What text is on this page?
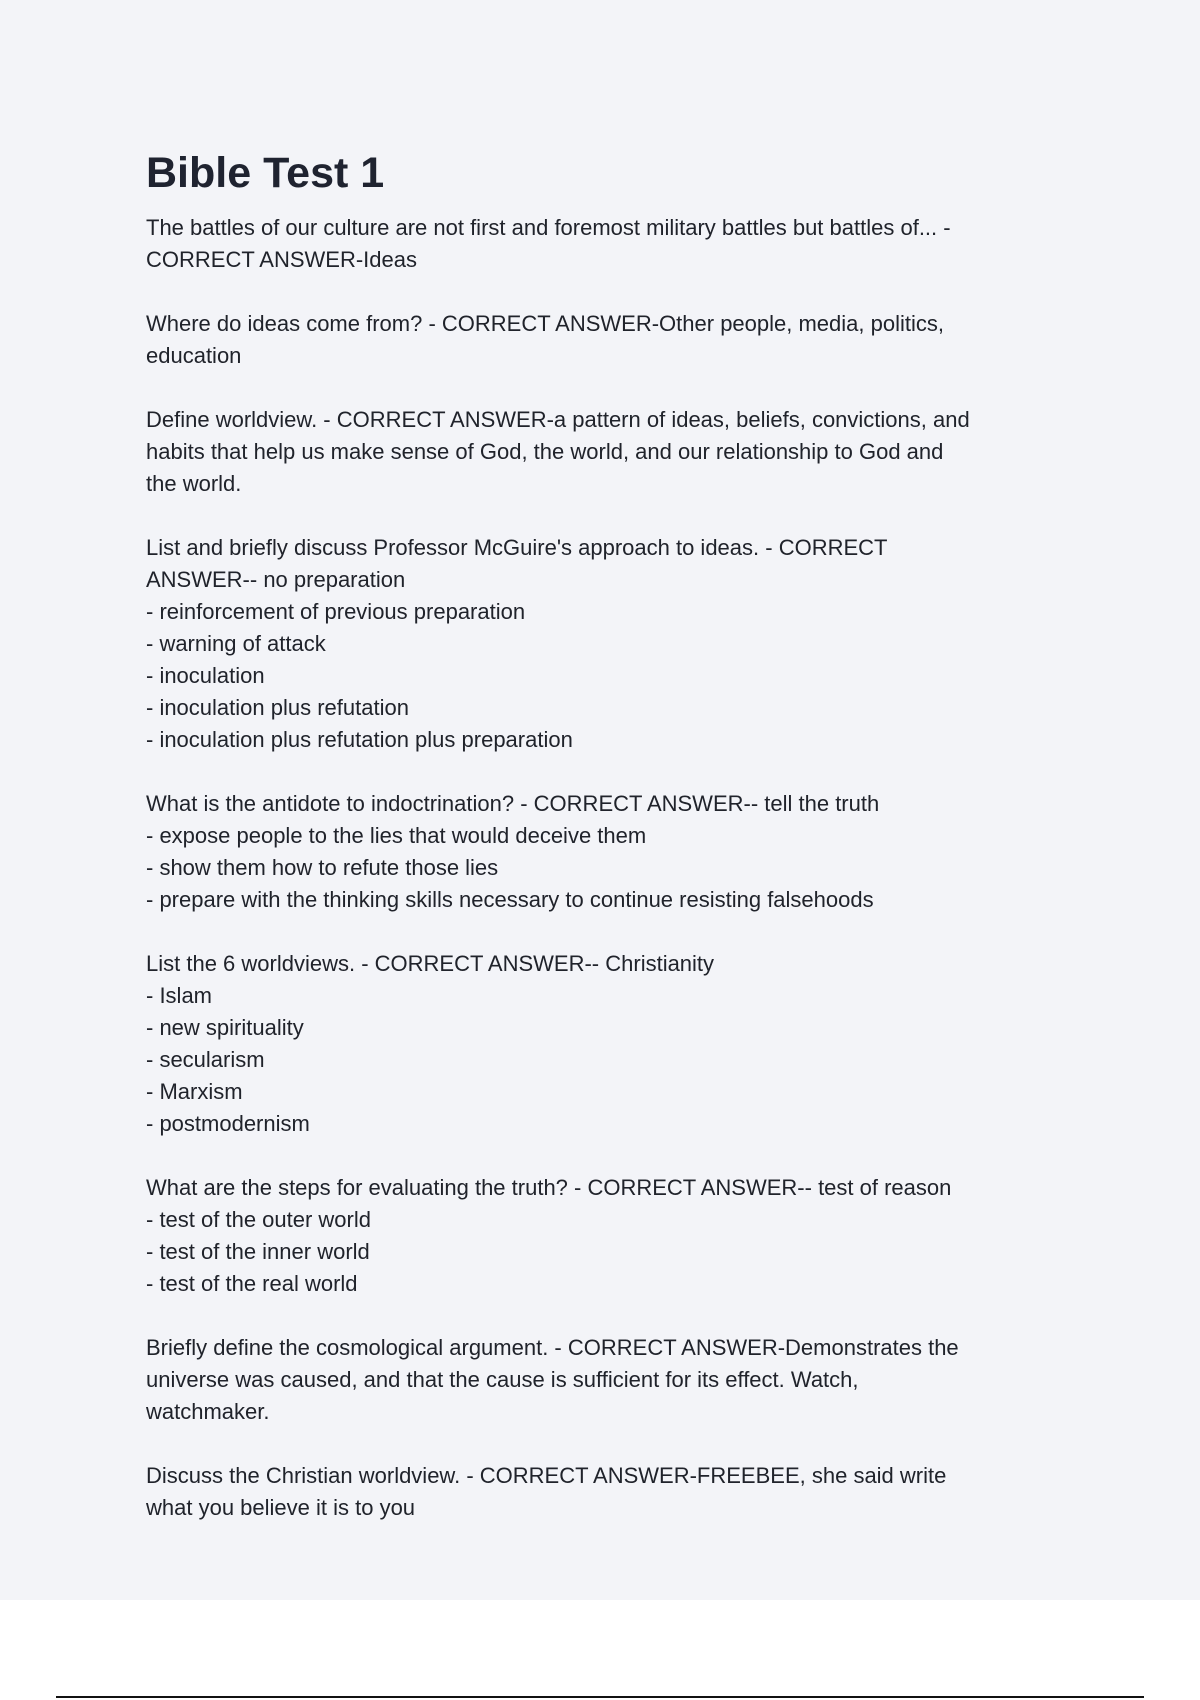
Bible Test 1
The battles of our culture are not first and foremost military battles but battles of... -
CORRECT ANSWER-Ideas
Where do ideas come from? - CORRECT ANSWER-Other people, media, politics,
education
Define worldview. - CORRECT ANSWER-a pattern of ideas, beliefs, convictions, and
habits that help us make sense of God, the world, and our relationship to God and
the world.
List and briefly discuss Professor McGuire's approach to ideas. - CORRECT
ANSWER-- no preparation
- reinforcement of previous preparation
- warning of attack
- inoculation
- inoculation plus refutation
- inoculation plus refutation plus preparation
What is the antidote to indoctrination? - CORRECT ANSWER-- tell the truth
- expose people to the lies that would deceive them
- show them how to refute those lies
- prepare with the thinking skills necessary to continue resisting falsehoods
List the 6 worldviews. - CORRECT ANSWER-- Christianity
- Islam
- new spirituality
- secularism
- Marxism
- postmodernism
What are the steps for evaluating the truth? - CORRECT ANSWER-- test of reason
- test of the outer world
- test of the inner world
- test of the real world
Briefly define the cosmological argument. - CORRECT ANSWER-Demonstrates the
universe was caused, and that the cause is sufficient for its effect. Watch,
watchmaker.
Discuss the Christian worldview. - CORRECT ANSWER-FREEBEE, she said write
what you believe it is to you
